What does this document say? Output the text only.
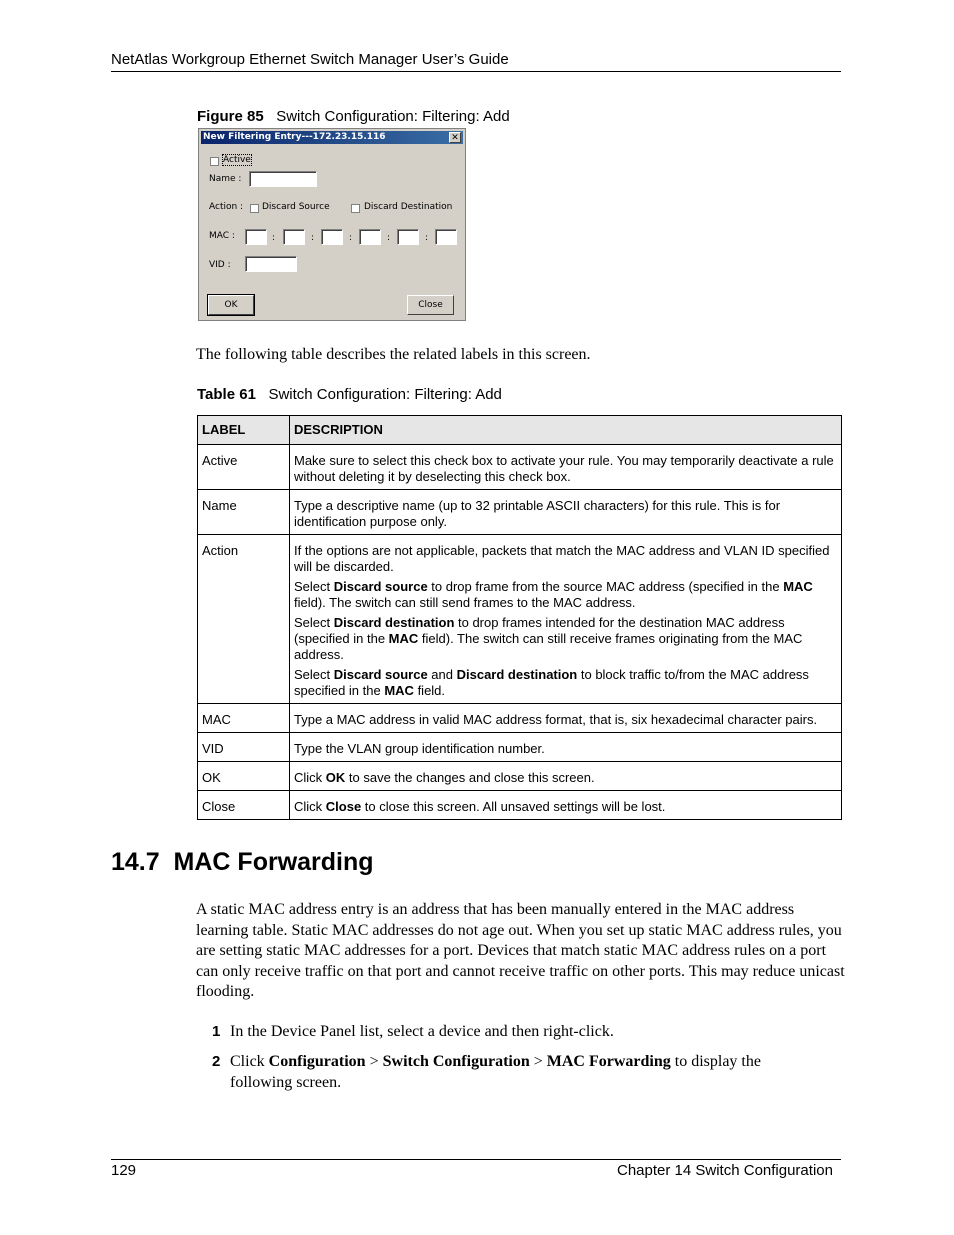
NetAtlas Workgroup Ethernet Switch Manager User’s Guide
Figure 85 Switch Configuration: Filtering: Add
New Filtering Entry---172.23.15.116	✕
Active
Name :
Action : Discard Source	Discard Destination
MAC :	:	:	:	:	:
VID :
OK	Close
The following table describes the related labels in this screen.
Table 61 Switch Configuration: Filtering: Add
LABEL	DESCRIPTION
Active	Make sure to select this check box to activate your rule. You may temporarily deactivate a rule without deleting it by deselecting this check box.
Name	Type a descriptive name (up to 32 printable ASCII characters) for this rule. This is for identification purpose only.
Action	If the options are not applicable, packets that match the MAC address and VLAN ID specified will be discarded.

Select Discard source to drop frame from the source MAC address (specified in the MAC field). The switch can still send frames to the MAC address.

Select Discard destination to drop frames intended for the destination MAC address (specified in the MAC field). The switch can still receive frames originating from the MAC address.

Select Discard source and Discard destination to block traffic to/from the MAC address specified in the MAC field.

MAC	Type a MAC address in valid MAC address format, that is, six hexadecimal character pairs.
VID	Type the VLAN group identification number.
OK	Click OK to save the changes and close this screen.
Close	Click Close to close this screen. All unsaved settings will be lost.
14.7  MAC Forwarding
A static MAC address entry is an address that has been manually entered in the MAC address learning table. Static MAC addresses do not age out. When you set up static MAC address rules, you are setting static MAC addresses for a port. Devices that match static MAC address rules on a port can only receive traffic on that port and cannot receive traffic on other ports. This may reduce unicast flooding.
1 In the Device Panel list, select a device and then right-click.
2 Click Configuration > Switch Configuration > MAC Forwarding to display the following screen.
129	Chapter 14 Switch Configuration
